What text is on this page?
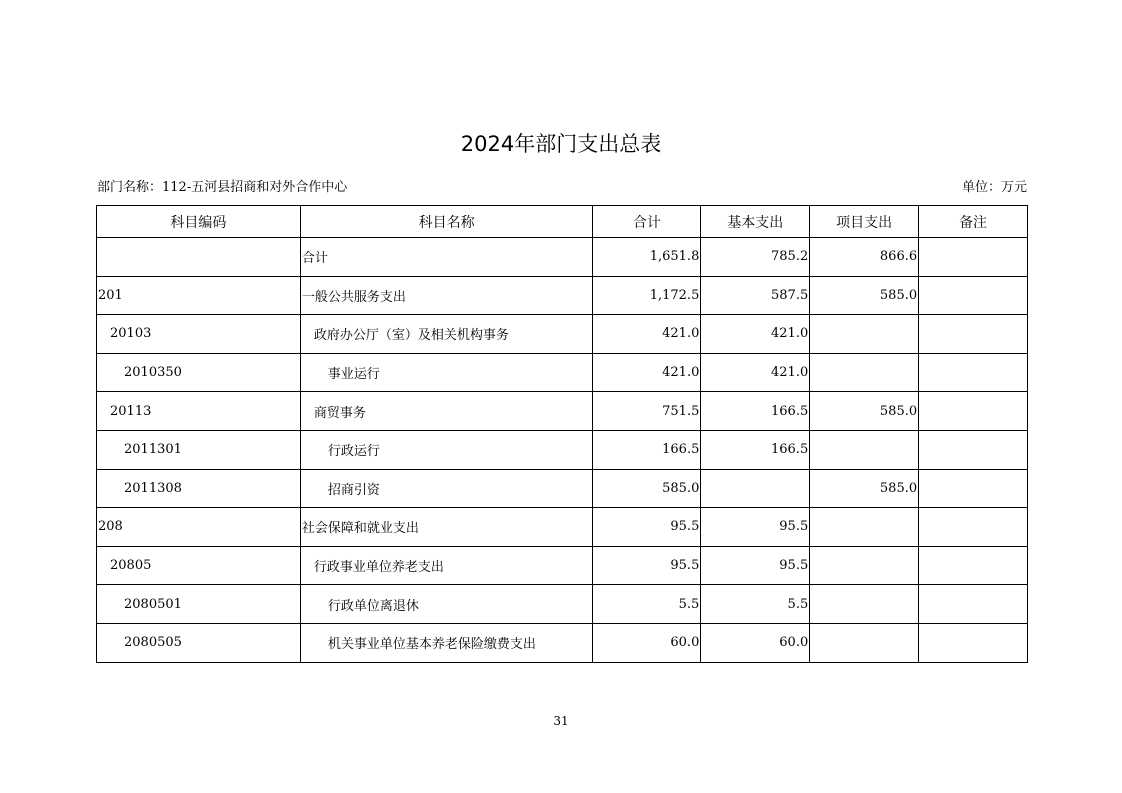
2024年部门支出总表
部门名称：112-五河县招商和对外合作中心	单位：万元
科目编码	科目名称	合计	基本支出	项目支出	备注
	合计	1,651.8	785.2	866.6	
201	一般公共服务支出	1,172.5	587.5	585.0	
20103	政府办公厅（室）及相关机构事务	421.0	421.0		
2010350	事业运行	421.0	421.0		
20113	商贸事务	751.5	166.5	585.0	
2011301	行政运行	166.5	166.5		
2011308	招商引资	585.0		585.0	
208	社会保障和就业支出	95.5	95.5		
20805	行政事业单位养老支出	95.5	95.5		
2080501	行政单位离退休	5.5	5.5		
2080505	机关事业单位基本养老保险缴费支出	60.0	60.0		
31
